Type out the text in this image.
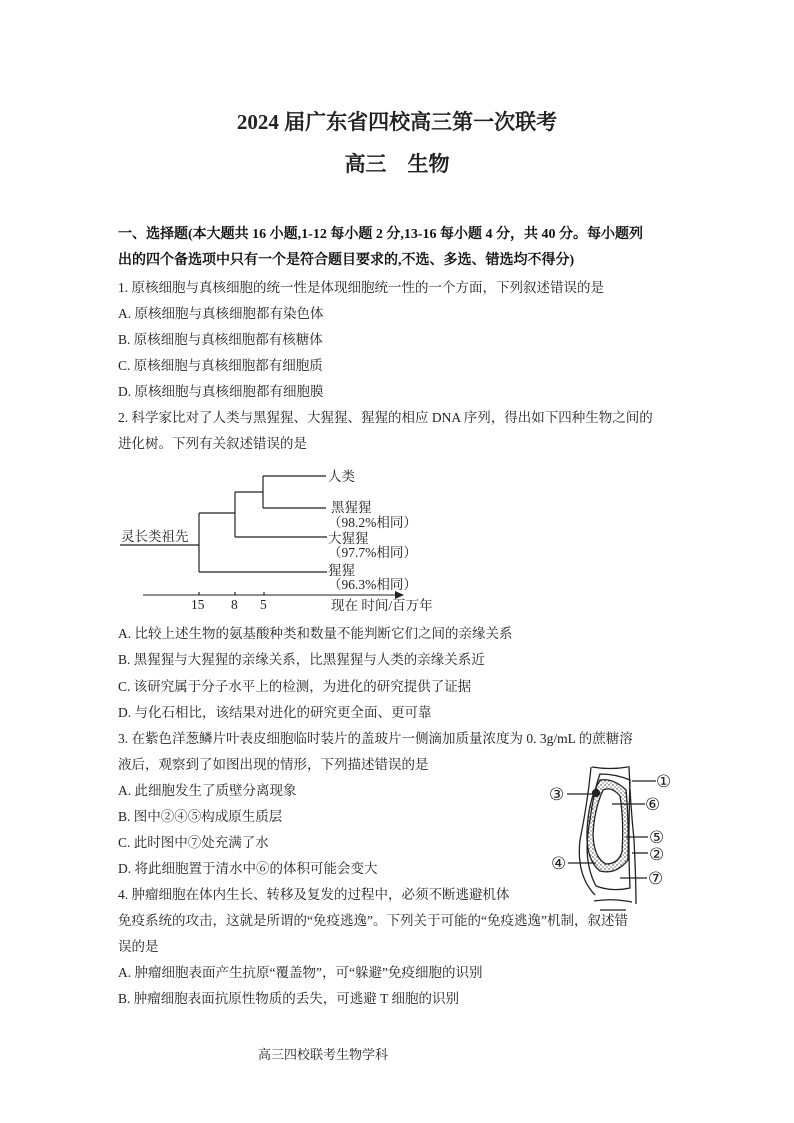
2024 届广东省四校高三第一次联考
高三　生物
一、选择题(本大题共 16 小题,1-12 每小题 2 分,13-16 每小题 4 分，共 40 分。每小题列
出的四个备选项中只有一个是符合题目要求的,不选、多选、错选均不得分)
1. 原核细胞与真核细胞的统一性是体现细胞统一性的一个方面，下列叙述错误的是
A. 原核细胞与真核细胞都有染色体
B. 原核细胞与真核细胞都有核糖体
C. 原核细胞与真核细胞都有细胞质
D. 原核细胞与真核细胞都有细胞膜
2. 科学家比对了人类与黑猩猩、大猩猩、猩猩的相应 DNA 序列，得出如下四种生物之间的
进化树。下列有关叙述错误的是
灵长类祖先
人类
黑猩猩
（98.2%相同）
大猩猩
（97.7%相同）
猩猩
（96.3%相同）
15 8 5	现在 时间/百万年
①
②
③
④
⑤
⑥
⑦
A. 比较上述生物的氨基酸种类和数量不能判断它们之间的亲缘关系
B. 黑猩猩与大猩猩的亲缘关系，比黑猩猩与人类的亲缘关系近
C. 该研究属于分子水平上的检测，为进化的研究提供了证据
D. 与化石相比，该结果对进化的研究更全面、更可靠
3. 在紫色洋葱鳞片叶表皮细胞临时装片的盖玻片一侧滴加质量浓度为 0. 3g/mL 的蔗糖溶
液后，观察到了如图出现的情形，下列描述错误的是
A. 此细胞发生了质壁分离现象
B. 图中②④⑤构成原生质层
C. 此时图中⑦处充满了水
D. 将此细胞置于清水中⑥的体积可能会变大
4. 肿瘤细胞在体内生长、转移及复发的过程中，必须不断逃避机体
免疫系统的攻击，这就是所谓的“免疫逃逸”。下列关于可能的“免疫逃逸”机制，叙述错
误的是
A. 肿瘤细胞表面产生抗原“覆盖物”，可“躲避”免疫细胞的识别
B. 肿瘤细胞表面抗原性物质的丢失，可逃避 T 细胞的识别
高三四校联考生物学科
